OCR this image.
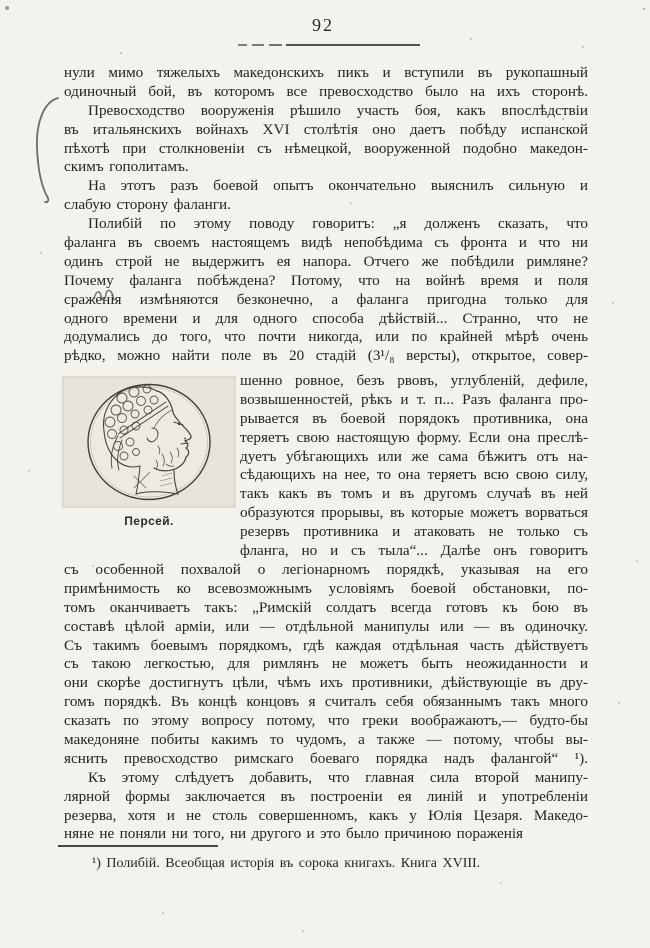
92
нули мимо тяжелыхъ македонскихъ пикъ и вступили въ рукопашный
одиночный бой, въ которомъ все превосходство было на ихъ сторонѣ.
Превосходство вооруженія рѣшило участь боя, какъ впослѣдствіи
въ итальянскихъ войнахъ XVI столѣтія оно даетъ побѣду испанской
пѣхотѣ при столкновеніи съ нѣмецкой, вооруженной подобно македон-
скимъ гополитамъ.
На этотъ разъ боевой опытъ окончательно выяснилъ сильную и
слабую сторону фаланги.
Полибій по этому поводу говоритъ: „я долженъ сказать, что
фаланга въ своемъ настоящемъ видѣ непобѣдима съ фронта и что ни
одинъ строй не выдержитъ ея напора. Отчего же побѣдили римляне?
Почему фаланга побѣждена? Потому, что на войнѣ время и поля
сраженія измѣняются безконечно, а фаланга пригодна только для
одного времени и для одного способа дѣйствій... Странно, что не
додумались до того, что почти никогда, или по крайней мѣрѣ очень
рѣдко, можно найти поле въ 20 стадій (3¹/₈ версты), открытое, совер-
Персей.
шенно ровное, безъ рвовъ, углубленій, дефиле,
возвышенностей, рѣкъ и т. п... Разъ фаланга про-
рывается въ боевой порядокъ противника, она
теряетъ свою настоящую форму. Если она преслѣ-
дуетъ убѣгающихъ или же сама бѣжитъ отъ на-
сѣдающихъ на нее, то она теряетъ всю свою силу,
такъ какъ въ томъ и въ другомъ случаѣ въ ней
образуются прорывы, въ которые можетъ ворваться
резервъ противника и атаковать не только съ
фланга, но и съ тыла“... Далѣе онъ говоритъ
съ особенной похвалой о легіонарномъ порядкѣ, указывая на его
примѣнимость ко всевозможнымъ условіямъ боевой обстановки, по-
томъ оканчиваетъ такъ: „Римскій солдатъ всегда готовъ къ бою въ
составѣ цѣлой арміи, или — отдѣльной манипулы или — въ одиночку.
Съ такимъ боевымъ порядкомъ, гдѣ каждая отдѣльная часть дѣйствуетъ
съ такою легкостью, для римлянъ не можетъ быть неожиданности и
они скорѣе достигнутъ цѣли, чѣмъ ихъ противники, дѣйствующіе въ дру-
гомъ порядкѣ. Въ концѣ концовъ я считалъ себя обязаннымъ такъ много
сказать по этому вопросу потому, что греки воображаютъ,— будто-бы
македоняне побиты какимъ то чудомъ, а также — потому, чтобы вы-
яснить превосходство римскаго боеваго порядка надъ фалангой“ ¹).
Къ этому слѣдуетъ добавить, что главная сила второй манипу-
лярной формы заключается въ построеніи ея линій и употребленіи
резерва, хотя и не столь совершенномъ, какъ у Юлія Цезаря. Македо-
няне не поняли ни того, ни другого и это было причиною пораженія
¹) Полибій. Всеобщая исторія въ сорока книгахъ. Книга XVIII.
